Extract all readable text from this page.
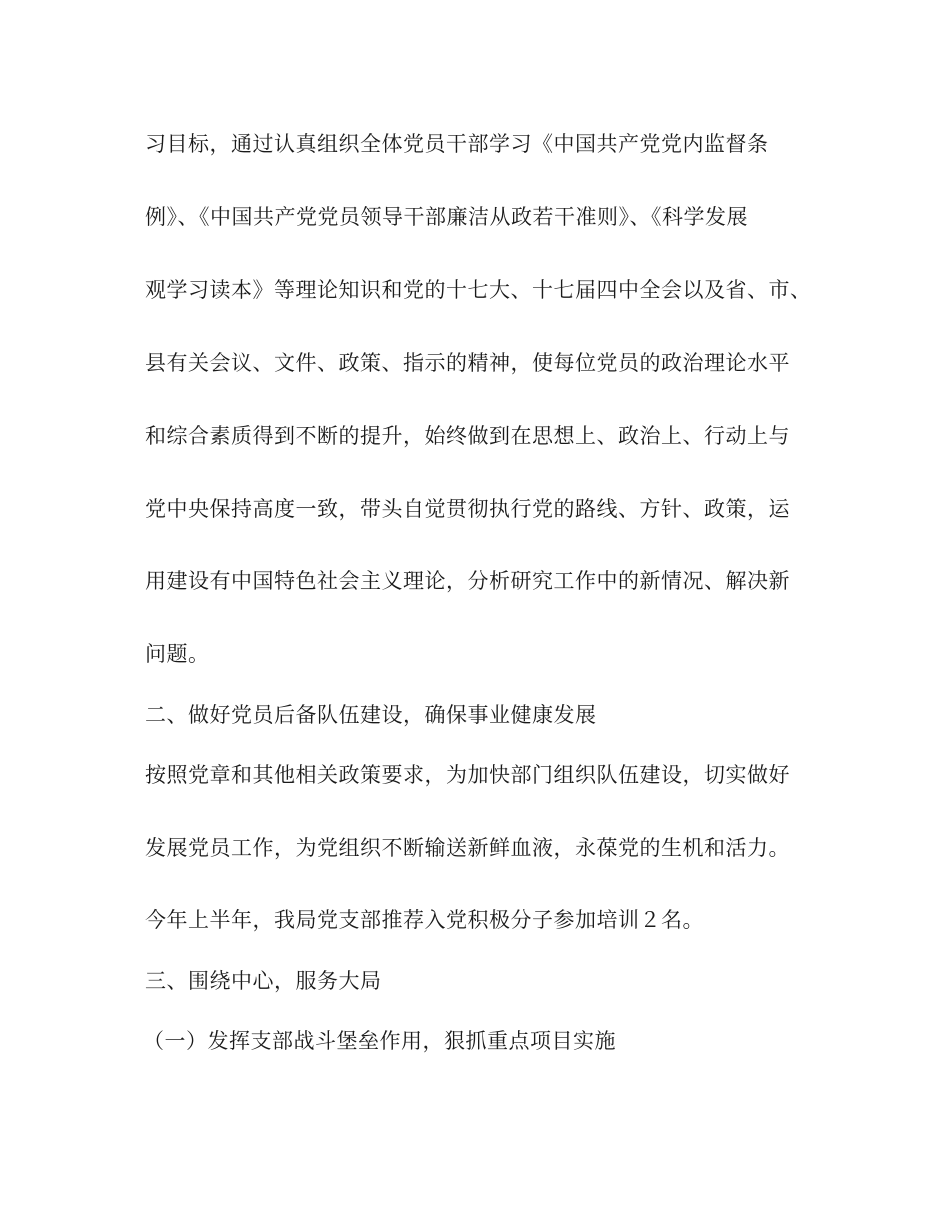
习目标，通过认真组织全体党员干部学习《中国共产党党内监督条
例》、《中国共产党党员领导干部廉洁从政若干准则》、《科学发展
观学习读本》等理论知识和党的十七大、十七届四中全会以及省、市、
县有关会议、文件、政策、指示的精神，使每位党员的政治理论水平
和综合素质得到不断的提升，始终做到在思想上、政治上、行动上与
党中央保持高度一致，带头自觉贯彻执行党的路线、方针、政策，运
用建设有中国特色社会主义理论，分析研究工作中的新情况、解决新
问题。
二、做好党员后备队伍建设，确保事业健康发展
按照党章和其他相关政策要求，为加快部门组织队伍建设，切实做好
发展党员工作，为党组织不断输送新鲜血液，永葆党的生机和活力。
今年上半年，我局党支部推荐入党积极分子参加培训２名。
三、围绕中心，服务大局
（一）发挥支部战斗堡垒作用，狠抓重点项目实施
